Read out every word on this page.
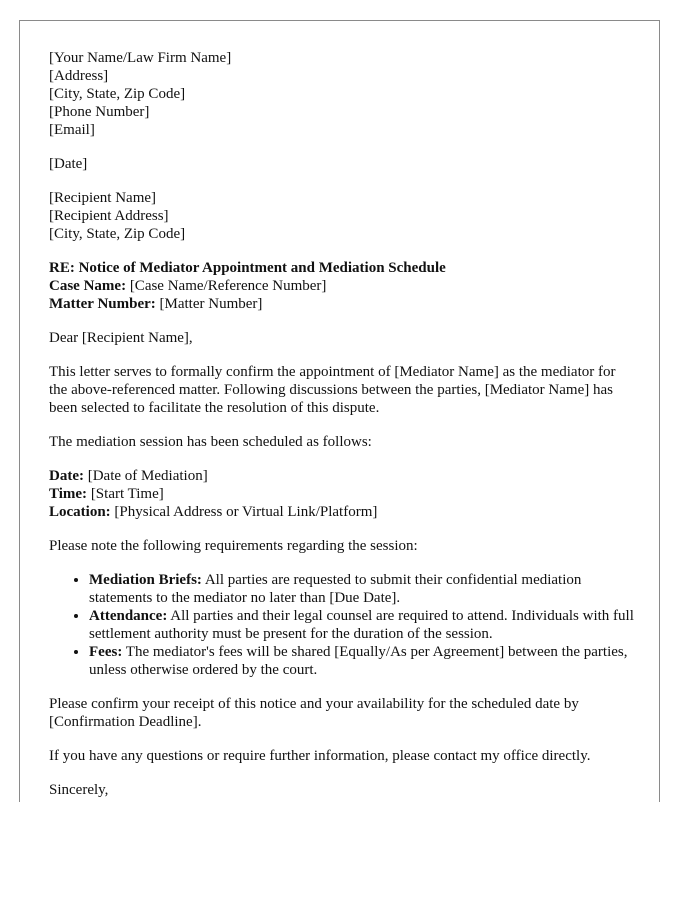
[Your Name/Law Firm Name]

[Address]

[City, State, Zip Code]

[Phone Number]

[Email]

[Date]

[Recipient Name]

[Recipient Address]

[City, State, Zip Code]

RE: Notice of Mediator Appointment and Mediation Schedule

Case Name: [Case Name/Reference Number]

Matter Number: [Matter Number]

Dear [Recipient Name],

This letter serves to formally confirm the appointment of [Mediator Name] as the mediator for the above-referenced matter. Following discussions between the parties, [Mediator Name] has been selected to facilitate the resolution of this dispute.

The mediation session has been scheduled as follows:

Date: [Date of Mediation]

Time: [Start Time]

Location: [Physical Address or Virtual Link/Platform]

Please note the following requirements regarding the session:

• Mediation Briefs: All parties are requested to submit their confidential mediation statements to the mediator no later than [Due Date].
• Attendance: All parties and their legal counsel are required to attend. Individuals with full settlement authority must be present for the duration of the session.
• Fees: The mediator's fees will be shared [Equally/As per Agreement] between the parties, unless otherwise ordered by the court.

Please confirm your receipt of this notice and your availability for the scheduled date by [Confirmation Deadline].

If you have any questions or require further information, please contact my office directly.

Sincerely,
